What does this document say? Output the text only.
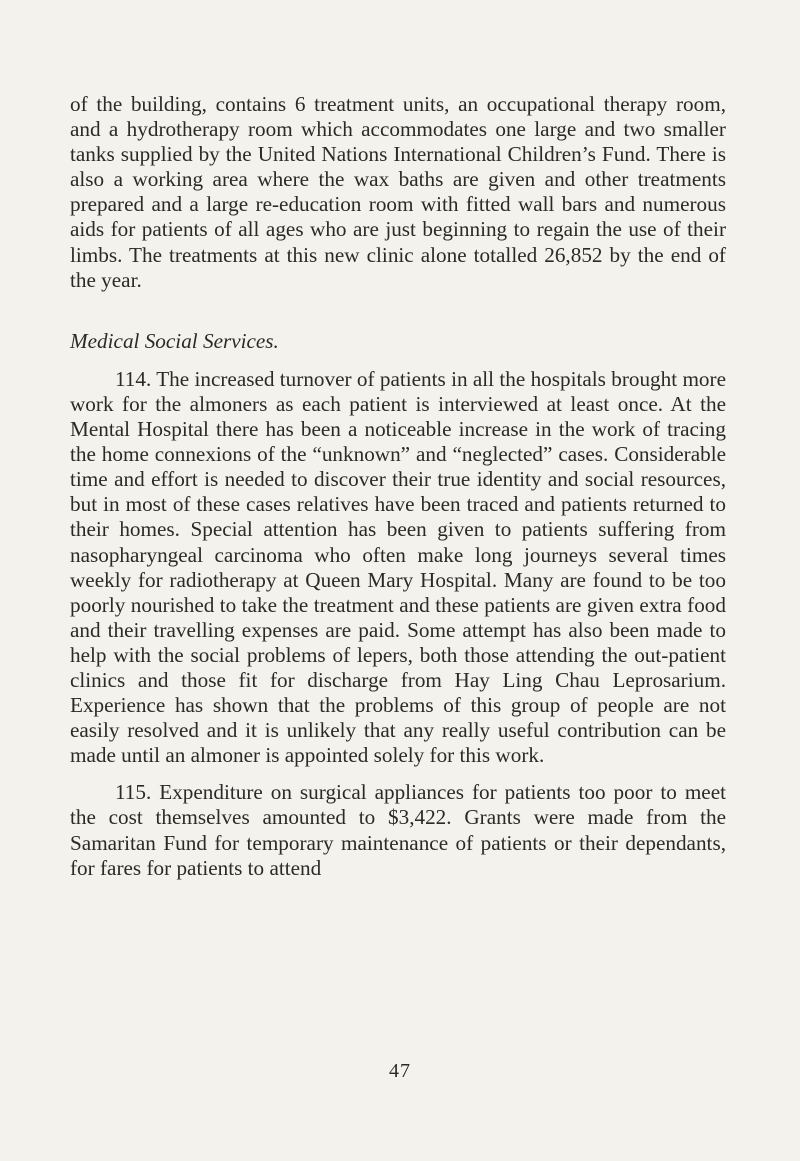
of the building, contains 6 treatment units, an occupational therapy room, and a hydrotherapy room which accommodates one large and two smaller tanks supplied by the United Nations International Children’s Fund. There is also a working area where the wax baths are given and other treatments prepared and a large re-education room with fitted wall bars and numerous aids for patients of all ages who are just beginning to regain the use of their limbs. The treatments at this new clinic alone totalled 26,852 by the end of the year.

Medical Social Services.

114. The increased turnover of patients in all the hospitals brought more work for the almoners as each patient is interviewed at least once. At the Mental Hospital there has been a noticeable increase in the work of tracing the home connexions of the “unknown” and “neglected” cases. Considerable time and effort is needed to discover their true identity and social resources, but in most of these cases relatives have been traced and patients returned to their homes. Special attention has been given to patients suffering from nasopharyngeal carcinoma who often make long journeys several times weekly for radiotherapy at Queen Mary Hospital. Many are found to be too poorly nourished to take the treatment and these patients are given extra food and their travelling expenses are paid. Some attempt has also been made to help with the social problems of lepers, both those attending the out-patient clinics and those fit for discharge from Hay Ling Chau Leprosarium. Experience has shown that the problems of this group of people are not easily resolved and it is unlikely that any really useful contribution can be made until an almoner is appointed solely for this work.

115. Expenditure on surgical appliances for patients too poor to meet the cost themselves amounted to $3,422. Grants were made from the Samaritan Fund for temporary maintenance of patients or their dependants, for fares for patients to attend

47
